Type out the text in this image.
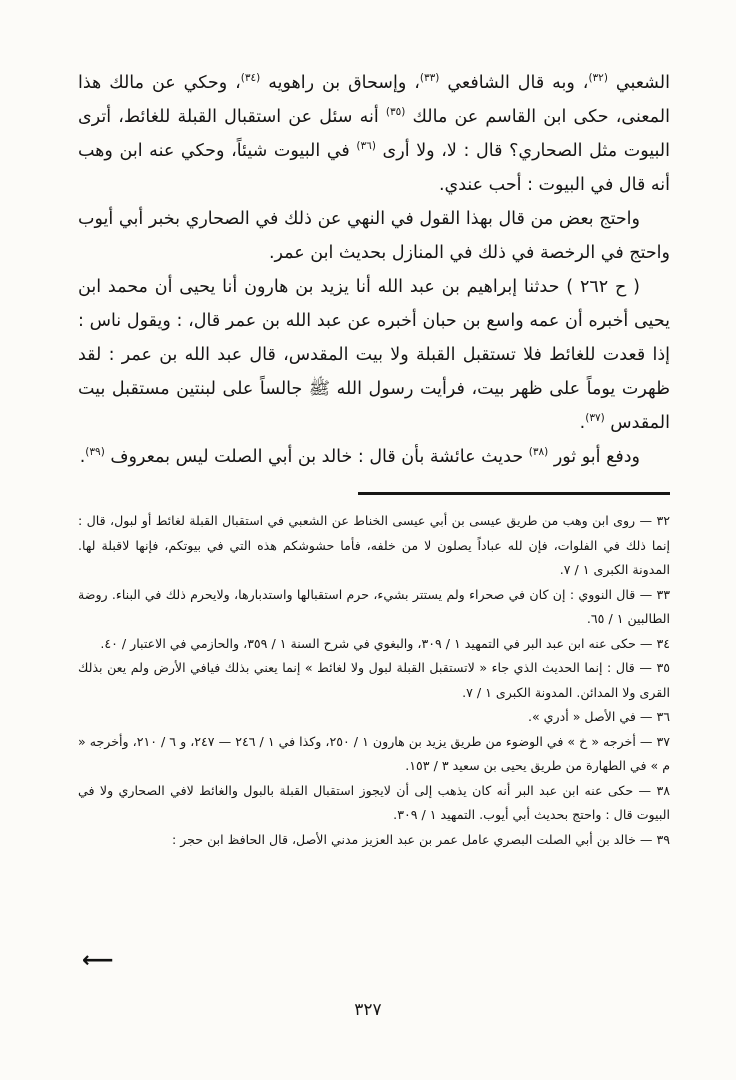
الشعبي $^{(٣٢)}$، وبه قال الشافعي $^{(٣٣)}$، وإسحاق بن راهويه $^{(٣٤)}$، وحكي عن مالك هذا المعنى، حكى ابن القاسم عن مالك $^{(٣٥)}$ أنه سئل عن استقبال القبلة للغائط، أترى البيوت مثل الصحاري؟ قال : لا، ولا أرى $^{(٣٦)}$ في البيوت شيئاً، وحكي عنه ابن وهب أنه قال في البيوت : أحب عندي.

واحتج بعض من قال بهذا القول في النهي عن ذلك في الصحاري بخبر أبي أيوب واحتج في الرخصة في ذلك في المنازل بحديث ابن عمر.

( ح ٢٦٢ ) حدثنا إبراهيم بن عبد الله أنا يزيد بن هارون أنا يحيى أن محمد ابن يحيى أخبره أن عمه واسع بن حبان أخبره عن عبد الله بن عمر قال، : ويقول ناس : إذا قعدت للغائط فلا تستقبل القبلة ولا بيت المقدس، قال عبد الله بن عمر : لقد ظهرت يوماً على ظهر بيت، فرأيت رسول الله ﷺ جالساً على لبنتين مستقبل بيت المقدس $^{(٣٧)}$.

ودفع أبو ثور $^{(٣٨)}$ حديث عائشة بأن قال : خالد بن أبي الصلت ليس بمعروف $^{(٣٩)}$.

٣٢ — روى ابن وهب من طريق عيسى بن أبي عيسى الخناط عن الشعبي في استقبال القبلة لغائط أو لبول، قال : إنما ذلك في الفلوات، فإن لله عباداً يصلون لا من خلفه، فأما حشوشكم هذه التي في بيوتكم، فإنها لاقبلة لها. المدونة الكبرى ١ / ٧.

٣٣ — قال النووي : إن كان في صحراء ولم يستتر بشيء، حرم استقبالها واستدبارها، ولايحرم ذلك في البناء. روضة الطالبين ١ / ٦٥.

٣٤ — حكى عنه ابن عبد البر في التمهيد ١ / ٣٠٩، والبغوي في شرح السنة ١ / ٣٥٩، والحازمي في الاعتبار / ٤٠.

٣٥ — قال : إنما الحديث الذي جاء « لاتستقبل القبلة لبول ولا لغائط » إنما يعني بذلك فيافي الأرض ولم يعن بذلك القرى ولا المدائن. المدونة الكبرى ١ / ٧.

٣٦ — في الأصل « أدري ».

٣٧ — أخرجه « خ » في الوضوء من طريق يزيد بن هارون ١ / ٢٥٠، وكذا في ١ / ٢٤٦ — ٢٤٧، و ٦ / ٢١٠، وأخرجه « م » في الطهارة من طريق يحيى بن سعيد ٣ / ١٥٣.

٣٨ — حكى عنه ابن عبد البر أنه كان يذهب إلى أن لايجوز استقبال القبلة بالبول والغائط لافي الصحاري ولا في البيوت قال : واحتج بحديث أبي أيوب. التمهيد ١ / ٣٠٩.

٣٩ — خالد بن أبي الصلت البصري عامل عمر بن عبد العزيز مدني الأصل، قال الحافظ ابن حجر :

⟵
٣٢٧
